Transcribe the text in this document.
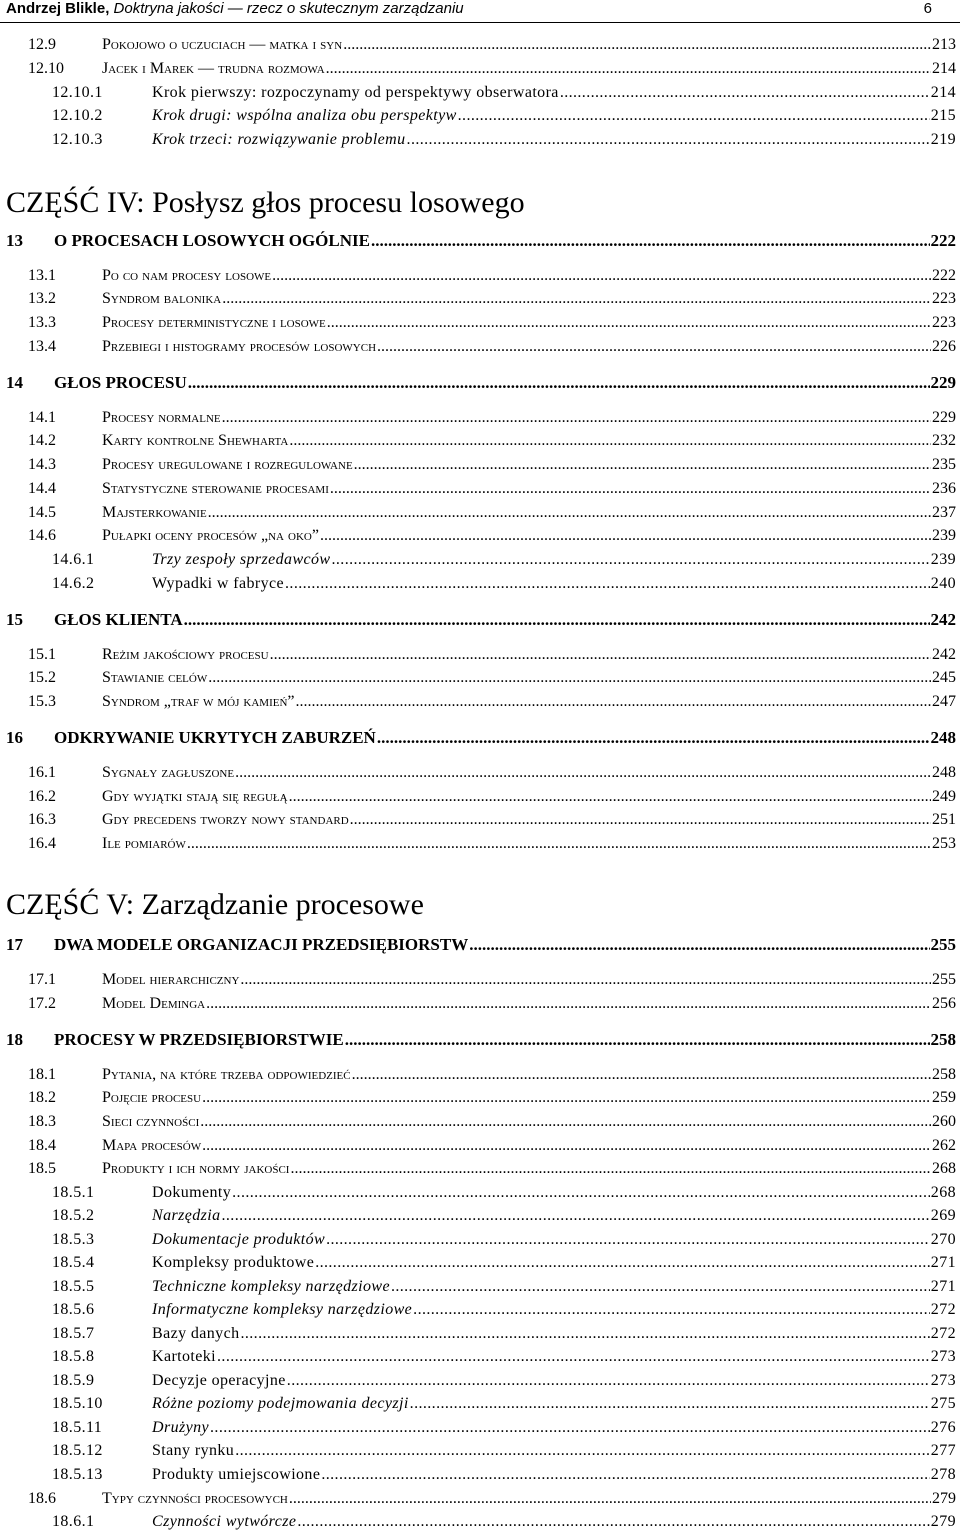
Andrzej Blikle, Doktryna jakości — rzecz o skutecznym zarządzaniu	6
CZĘŚĆ IV: Posłysz głos procesu losowego
CZĘŚĆ V: Zarządzanie procesowe
12.9	Pokojowo o uczuciach — matka i syn .....	213
12.10 Jacek i Marek — trudna rozmowa .....	214
12.10.1	Krok pierwszy: rozpoczynamy od perspektywy obserwatora .....	214
12.10.2	Krok drugi: wspólna analiza obu perspektyw .....	215
12.10.3	Krok trzeci: rozwiązywanie problemu .....	219
13 O PROCESACH LOSOWYCH OGÓLNIE .....	222
13.1	Po co nam procesy losowe .....	222
13.2	Syndrom balonika .....	223
13.3	Procesy deterministyczne i losowe .....	223
13.4	Przebiegi i histogramy procesów losowych .....	226
14 GŁOS PROCESU .....	229
14.1	Procesy normalne .....	229
14.2	Karty kontrolne Shewharta .....	232
14.3	Procesy uregulowane i rozregulowane .....	235
14.4	Statystyczne sterowanie procesami .....	236
14.5	Majsterkowanie .....	237
14.6	Pułapki oceny procesów „na oko” .....	239
14.6.1	Trzy zespoły sprzedawców .....	239
14.6.2	Wypadki w fabryce .....	240
15 GŁOS KLIENTA .....	242
15.1	Reżim jakościowy procesu .....	242
15.2	Stawianie celów .....	245
15.3	Syndrom „traf w mój kamień” .....	247
16 ODKRYWANIE UKRYTYCH ZABURZEŃ .....	248
16.1	Sygnały zagłuszone .....	248
16.2	Gdy wyjątki stają się regułą .....	249
16.3	Gdy precedens tworzy nowy standard .....	251
16.4	Ile pomiarów .....	253
17 DWA MODELE ORGANIZACJI PRZEDSIĘBIORSTW .....	255
17.1	Model hierarchiczny .....	255
17.2	Model Deminga .....	256
18 PROCESY W PRZEDSIĘBIORSTWIE .....	258
18.1	Pytania, na które trzeba odpowiedzieć .....	258
18.2	Pojęcie procesu .....	259
18.3	Sieci czynności .....	260
18.4	Mapa procesów .....	262
18.5	Produkty i ich normy jakości .....	268
18.5.1	Dokumenty .....	268
18.5.2	Narzędzia .....	269
18.5.3	Dokumentacje produktów .....	270
18.5.4	Kompleksy produktowe .....	271
18.5.5	Techniczne kompleksy narzędziowe .....	271
18.5.6	Informatyczne kompleksy narzędziowe .....	272
18.5.7	Bazy danych .....	272
18.5.8	Kartoteki .....	273
18.5.9	Decyzje operacyjne .....	273
18.5.10	Różne poziomy podejmowania decyzji .....	275
18.5.11	Drużyny .....	276
18.5.12	Stany rynku .....	277
18.5.13	Produkty umiejscowione .....	278
18.6	Typy czynności procesowych .....	279
18.6.1	Czynności wytwórcze .....	279
